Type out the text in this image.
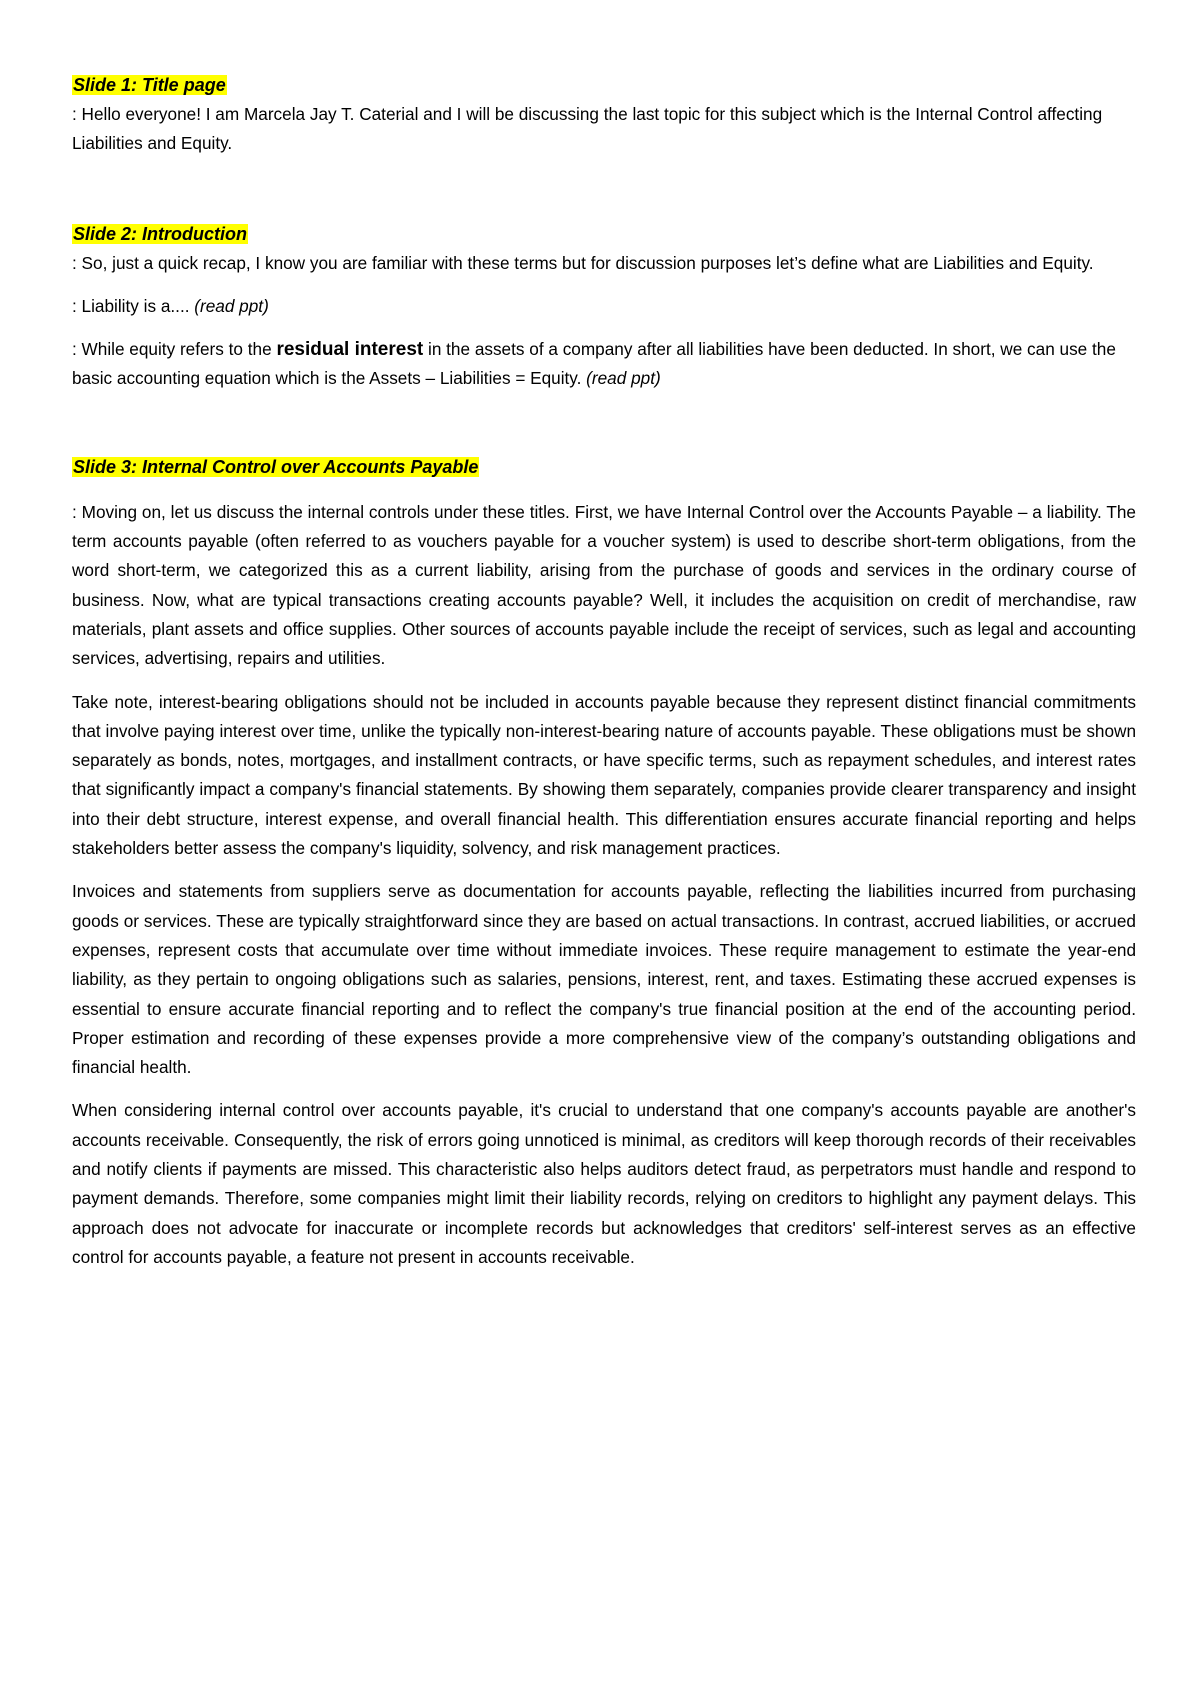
Slide 1: Title page

: Hello everyone! I am Marcela Jay T. Caterial and I will be discussing the last topic for this subject which is the Internal Control affecting Liabilities and Equity.

Slide 2: Introduction

: So, just a quick recap, I know you are familiar with these terms but for discussion purposes let’s define what are Liabilities and Equity.

: Liability is a.... (read ppt)

: While equity refers to the residual interest in the assets of a company after all liabilities have been deducted. In short, we can use the basic accounting equation which is the Assets – Liabilities = Equity. (read ppt)

Slide 3: Internal Control over Accounts Payable

: Moving on, let us discuss the internal controls under these titles. First, we have Internal Control over the Accounts Payable – a liability. The term accounts payable (often referred to as vouchers payable for a voucher system) is used to describe short-term obligations, from the word short-term, we categorized this as a current liability, arising from the purchase of goods and services in the ordinary course of business. Now, what are typical transactions creating accounts payable? Well, it includes the acquisition on credit of merchandise, raw materials, plant assets and office supplies. Other sources of accounts payable include the receipt of services, such as legal and accounting services, advertising, repairs and utilities.

Take note, interest-bearing obligations should not be included in accounts payable because they represent distinct financial commitments that involve paying interest over time, unlike the typically non-interest-bearing nature of accounts payable. These obligations must be shown separately as bonds, notes, mortgages, and installment contracts, or have specific terms, such as repayment schedules, and interest rates that significantly impact a company's financial statements. By showing them separately, companies provide clearer transparency and insight into their debt structure, interest expense, and overall financial health. This differentiation ensures accurate financial reporting and helps stakeholders better assess the company's liquidity, solvency, and risk management practices.

Invoices and statements from suppliers serve as documentation for accounts payable, reflecting the liabilities incurred from purchasing goods or services. These are typically straightforward since they are based on actual transactions. In contrast, accrued liabilities, or accrued expenses, represent costs that accumulate over time without immediate invoices. These require management to estimate the year-end liability, as they pertain to ongoing obligations such as salaries, pensions, interest, rent, and taxes. Estimating these accrued expenses is essential to ensure accurate financial reporting and to reflect the company's true financial position at the end of the accounting period. Proper estimation and recording of these expenses provide a more comprehensive view of the company’s outstanding obligations and financial health.

When considering internal control over accounts payable, it's crucial to understand that one company's accounts payable are another's accounts receivable. Consequently, the risk of errors going unnoticed is minimal, as creditors will keep thorough records of their receivables and notify clients if payments are missed. This characteristic also helps auditors detect fraud, as perpetrators must handle and respond to payment demands. Therefore, some companies might limit their liability records, relying on creditors to highlight any payment delays. This approach does not advocate for inaccurate or incomplete records but acknowledges that creditors' self-interest serves as an effective control for accounts payable, a feature not present in accounts receivable.
